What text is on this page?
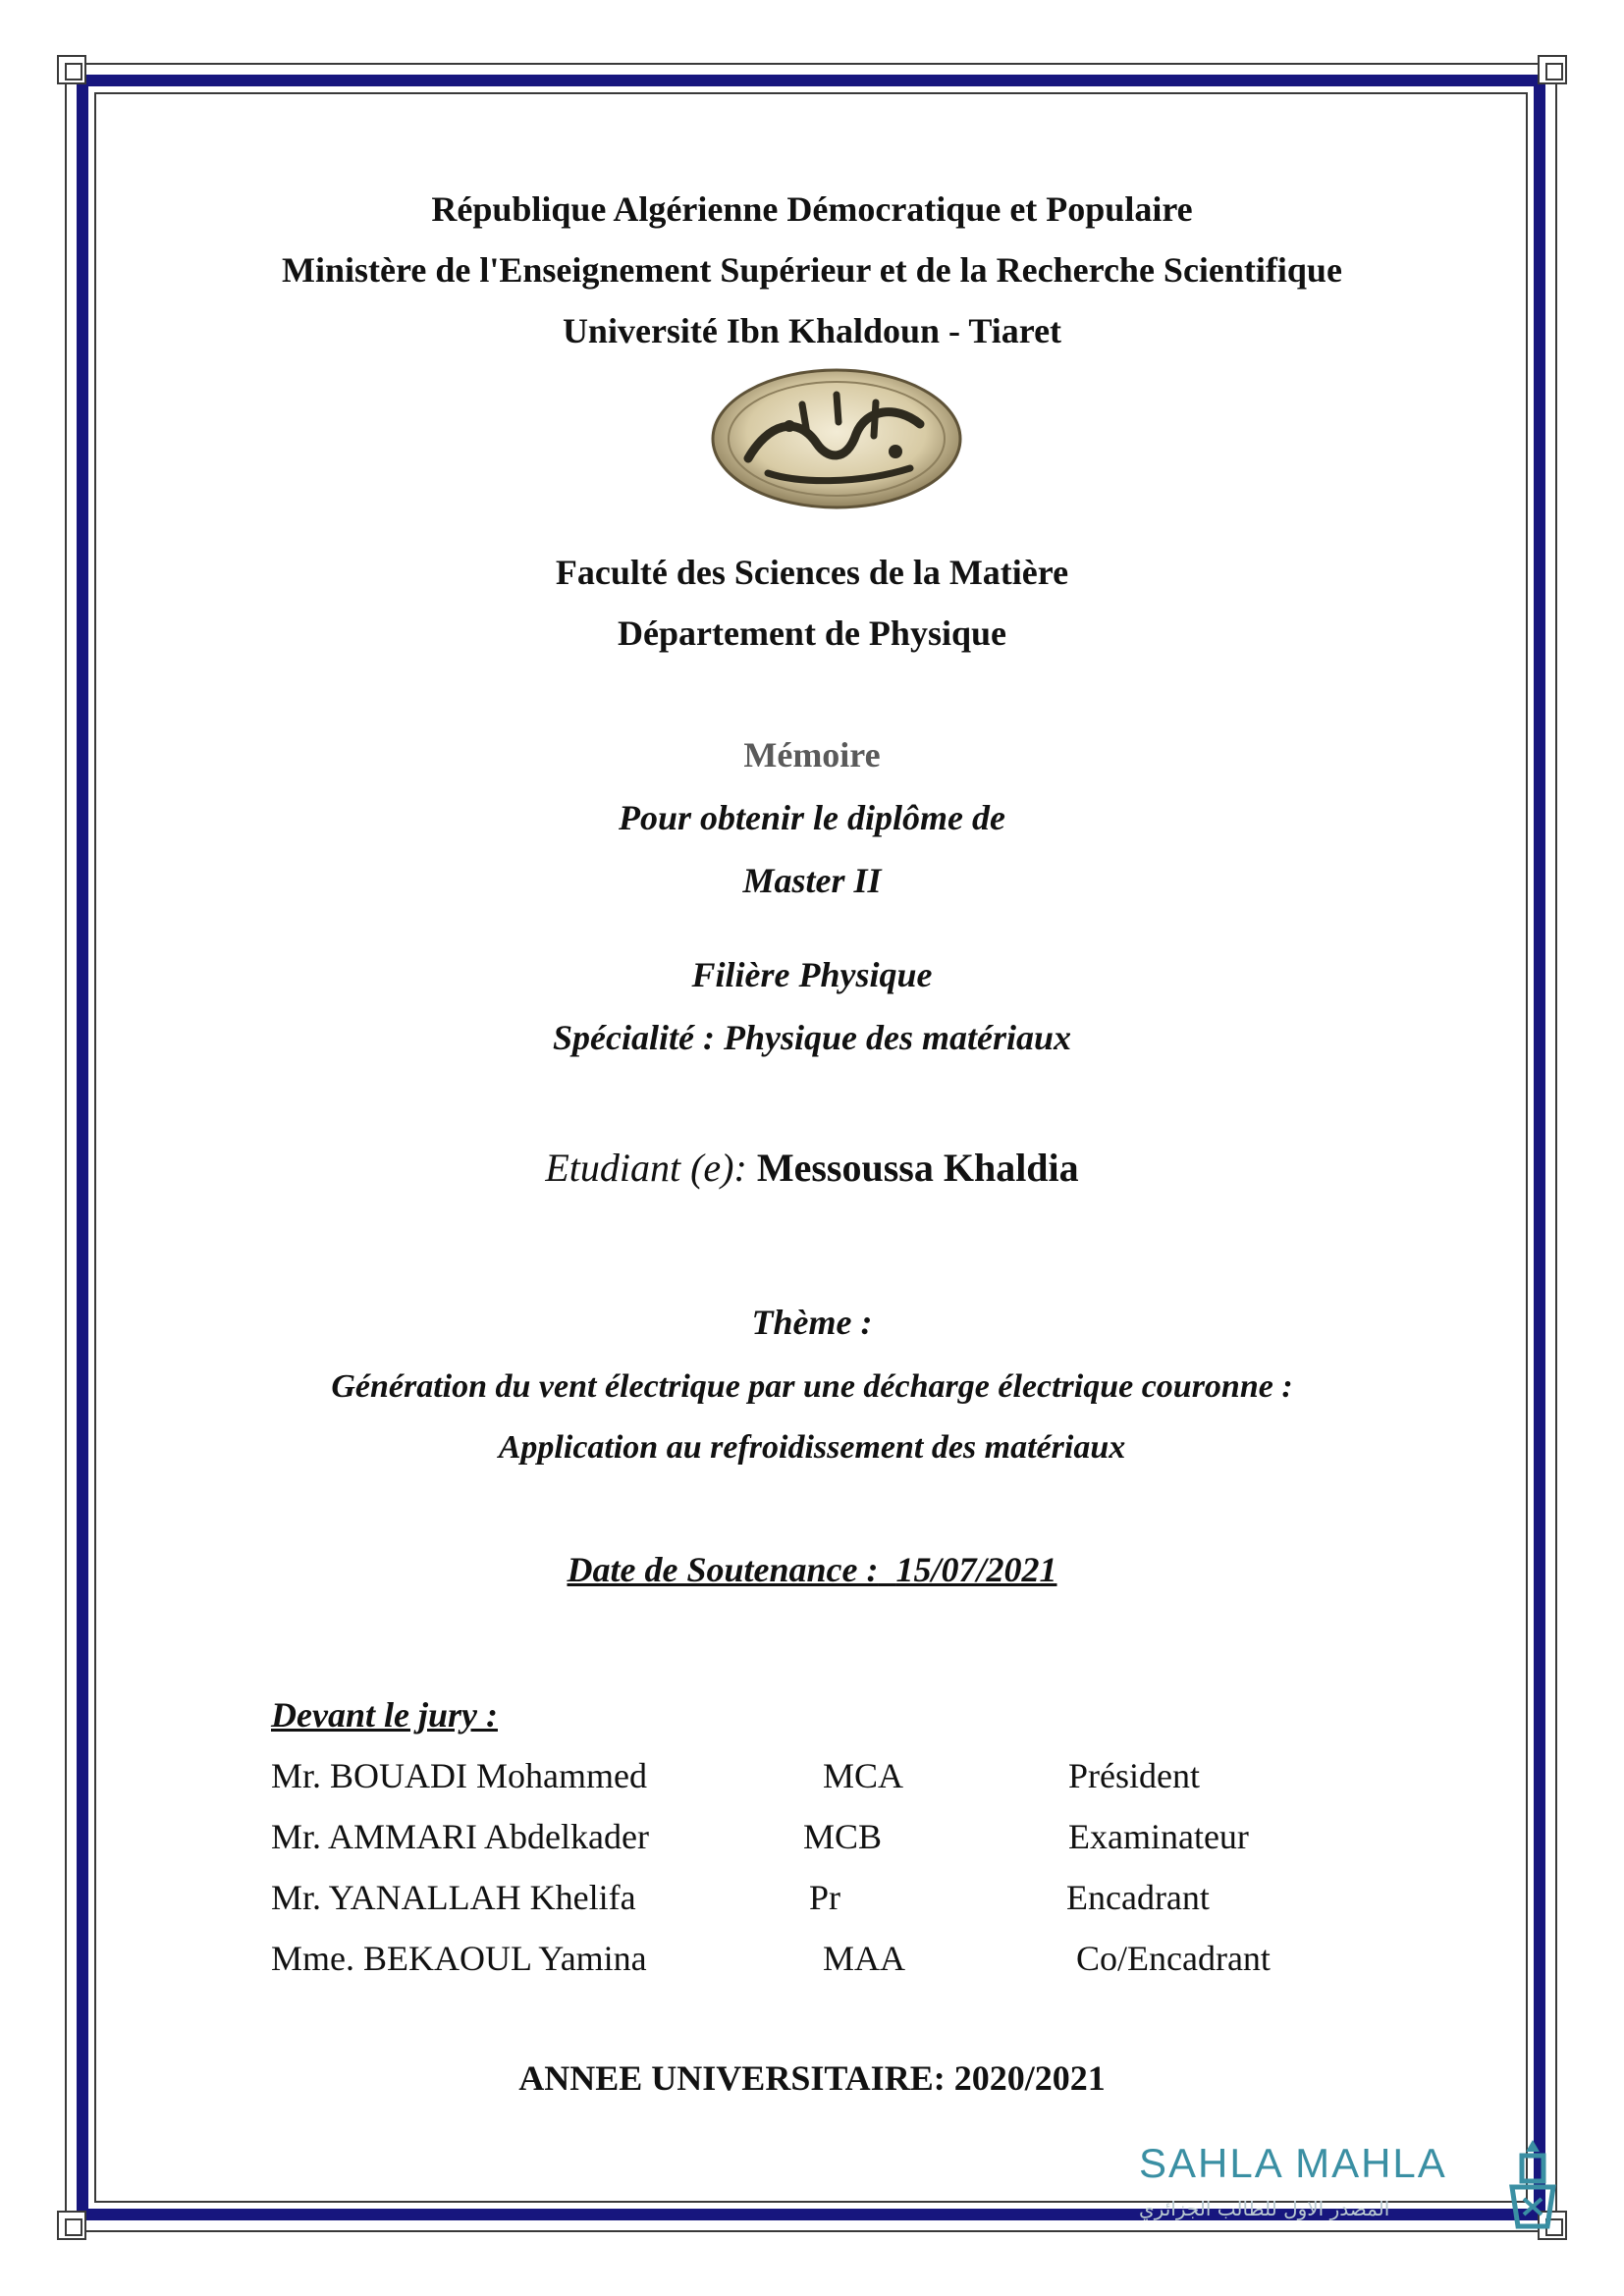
République Algérienne Démocratique et Populaire
Ministère de l'Enseignement Supérieur et de la Recherche Scientifique
Université Ibn Khaldoun - Tiaret
Faculté des Sciences de la Matière
Département de Physique
Mémoire
Pour obtenir le diplôme de
Master II
Filière Physique
Spécialité : Physique des matériaux
Etudiant (e): Messoussa Khaldia
Thème :
Génération du vent électrique par une décharge électrique couronne :
Application au refroidissement des matériaux
Date de Soutenance : 15/07/2021
Devant le jury :
Mr. BOUADI Mohammed	MCA	Président
Mr. AMMARI Abdelkader	MCB	Examinateur
Mr. YANALLAH Khelifa	Pr	Encadrant
Mme. BEKAOUL Yamina	MAA	Co/Encadrant
ANNEE UNIVERSITAIRE: 2020/2021
SAHLA MAHLA
المصدر الاول للطالب الجزائري
